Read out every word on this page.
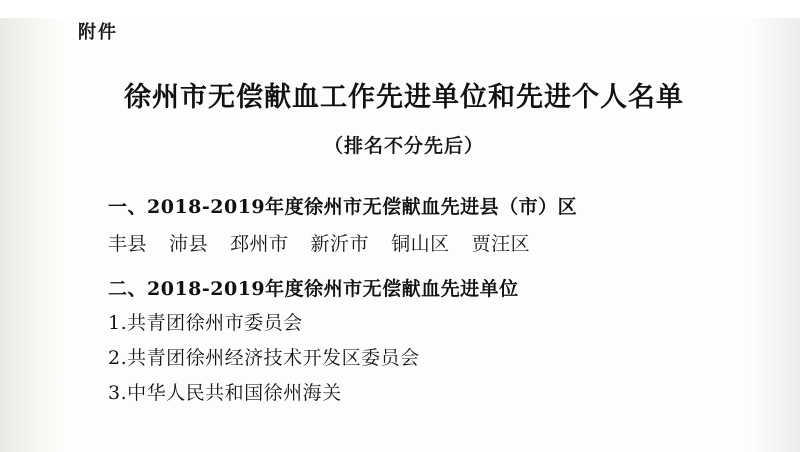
附件
徐州市无偿献血工作先进单位和先进个人名单
（排名不分先后）
一、2018-2019年度徐州市无偿献血先进县（市）区
丰县 沛县 邳州市 新沂市 铜山区 贾汪区
二、2018-2019年度徐州市无偿献血先进单位
1.共青团徐州市委员会
2.共青团徐州经济技术开发区委员会
3.中华人民共和国徐州海关
